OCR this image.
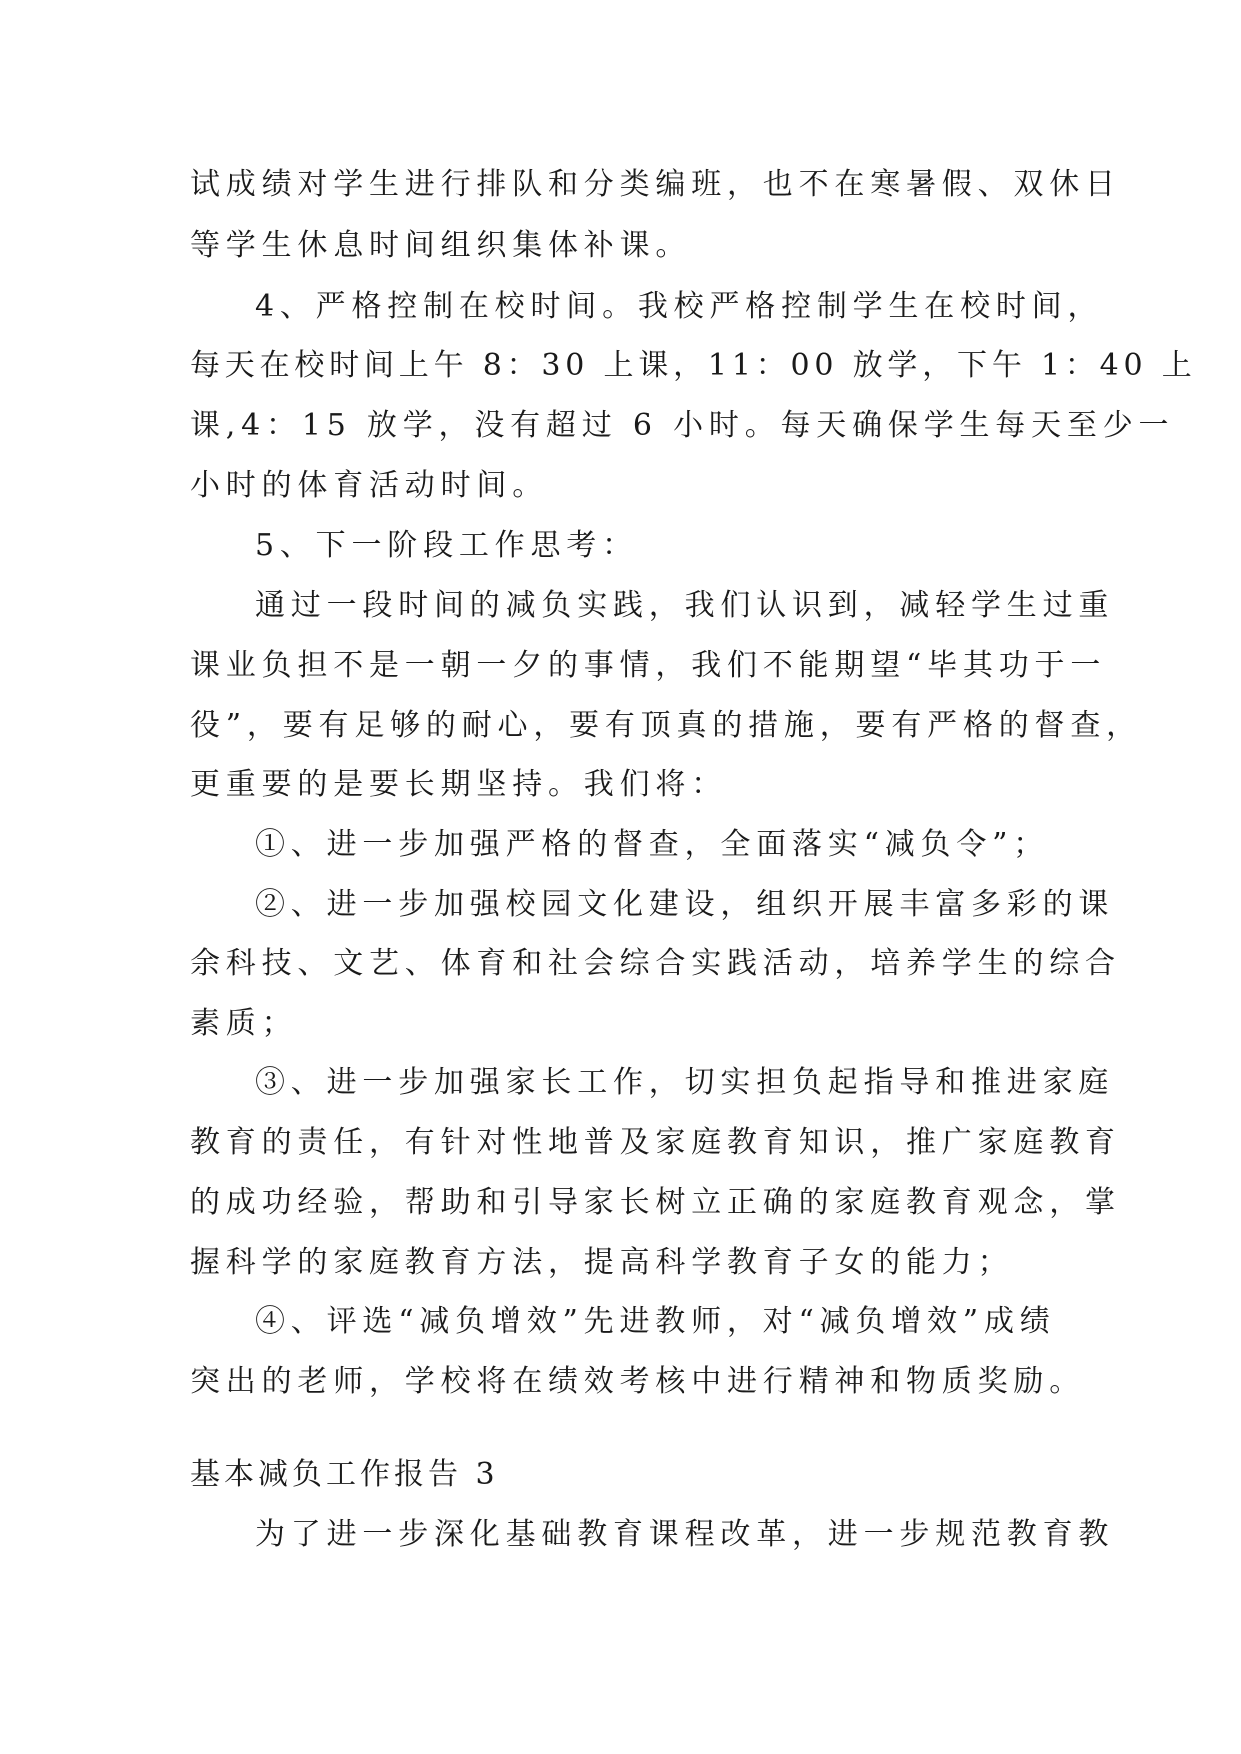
试成绩对学生进行排队和分类编班，也不在寒暑假、双休日
等学生休息时间组织集体补课。
4、严格控制在校时间。我校严格控制学生在校时间，
每天在校时间上午 8：30 上课，11：00 放学，下午 1：40 上
课,4：15 放学，没有超过 6 小时。每天确保学生每天至少一
小时的体育活动时间。
5、下一阶段工作思考：
通过一段时间的减负实践，我们认识到，减轻学生过重
课业负担不是一朝一夕的事情，我们不能期望“毕其功于一
役”，要有足够的耐心，要有顶真的措施，要有严格的督查，
更重要的是要长期坚持。我们将：
①、进一步加强严格的督查，全面落实“减负令”；
②、进一步加强校园文化建设，组织开展丰富多彩的课
余科技、文艺、体育和社会综合实践活动，培养学生的综合
素质；
③、进一步加强家长工作，切实担负起指导和推进家庭
教育的责任，有针对性地普及家庭教育知识，推广家庭教育
的成功经验，帮助和引导家长树立正确的家庭教育观念，掌
握科学的家庭教育方法，提高科学教育子女的能力；
④、评选“减负增效”先进教师，对“减负增效”成绩
突出的老师，学校将在绩效考核中进行精神和物质奖励。
基本减负工作报告 3
为了进一步深化基础教育课程改革，进一步规范教育教
